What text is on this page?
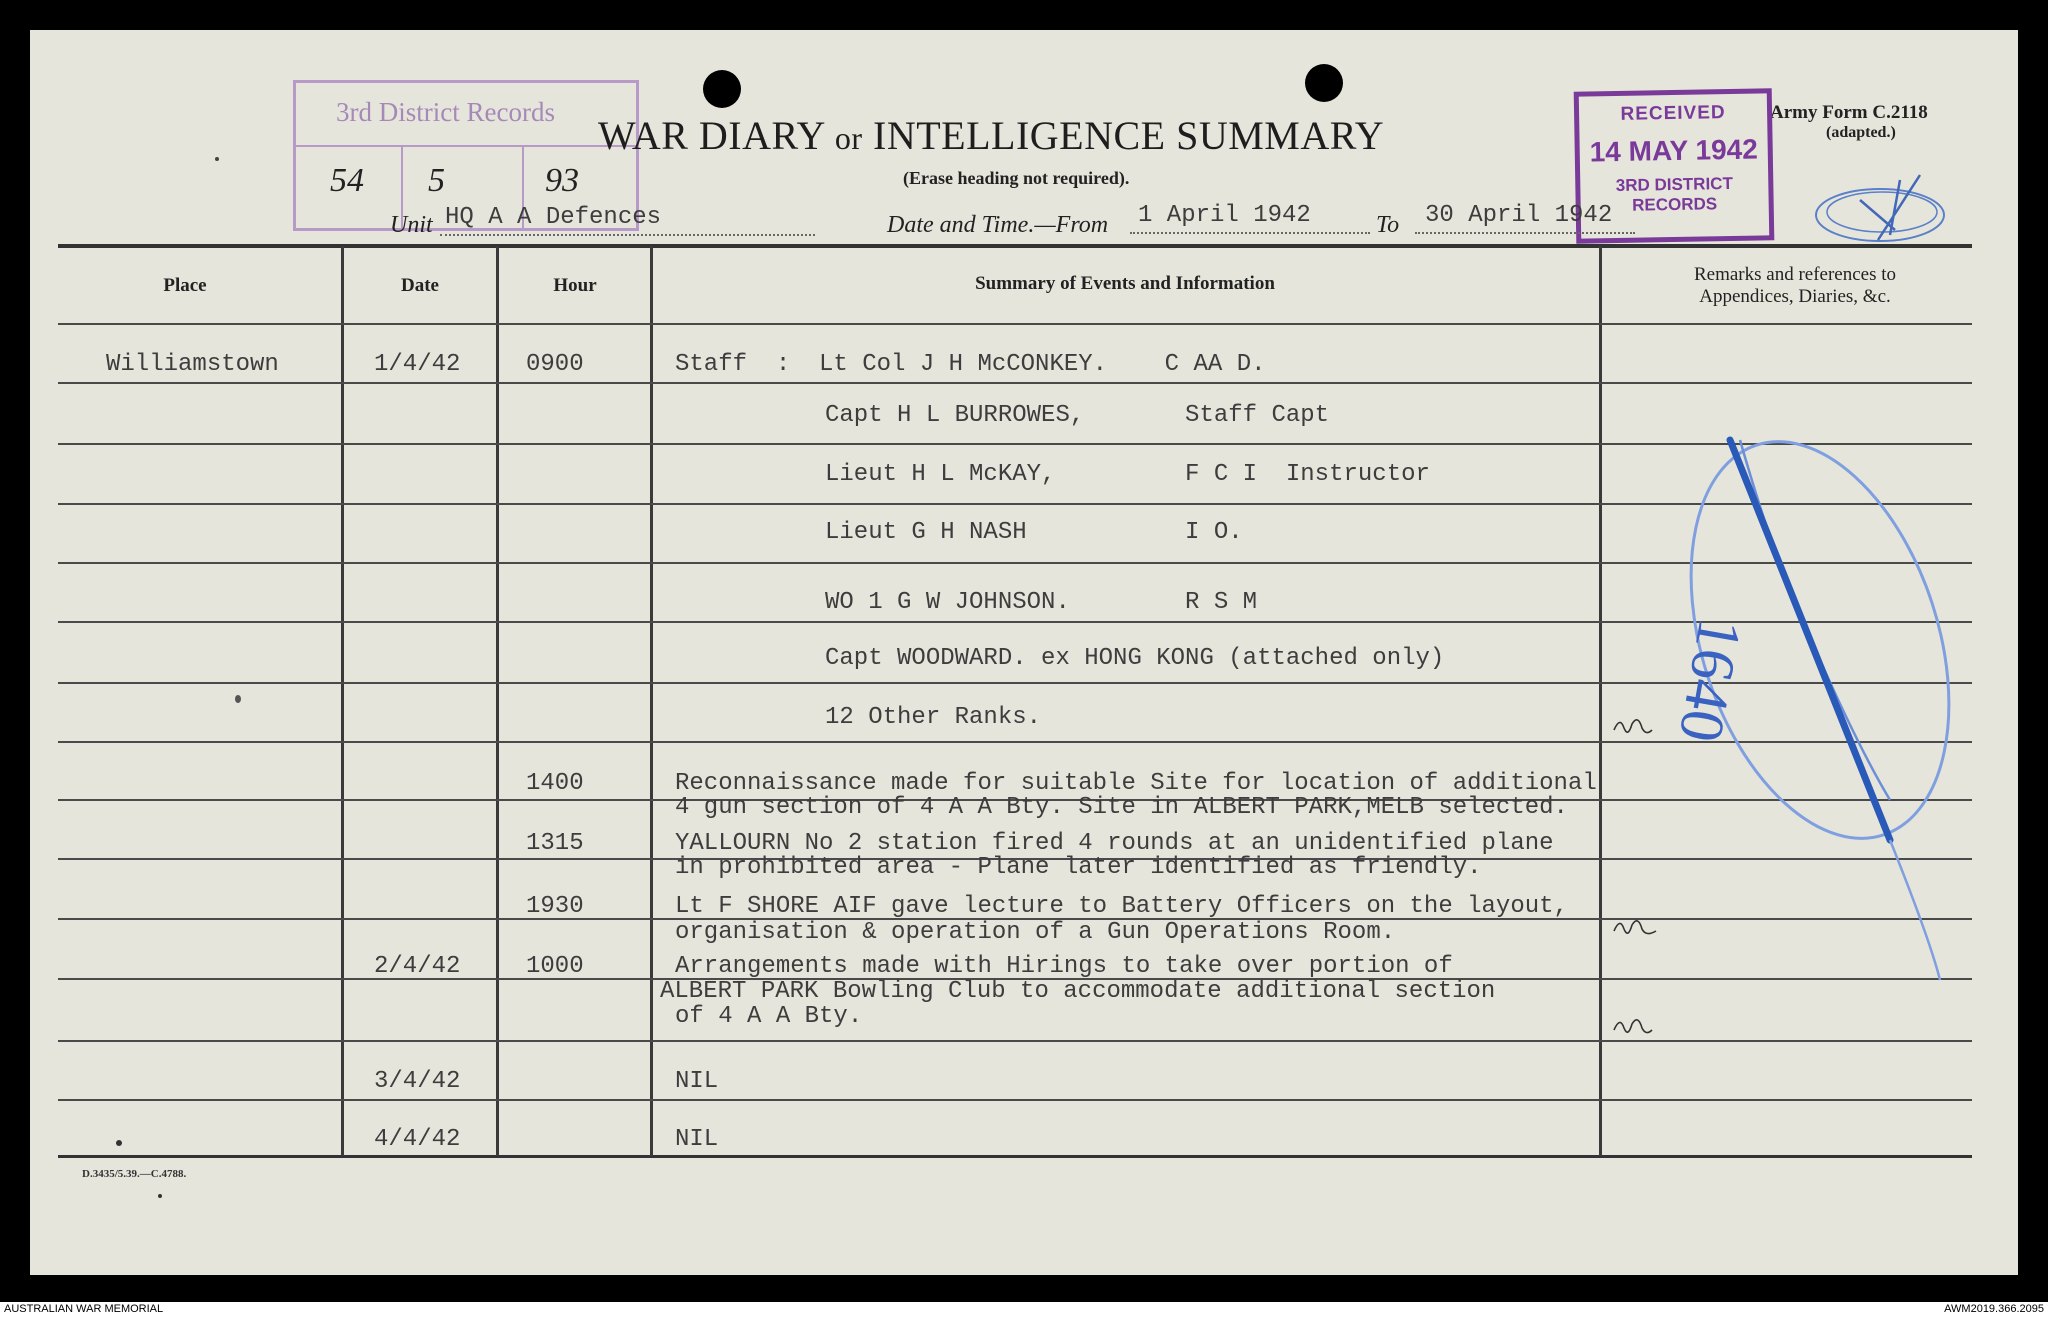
3rd District Records
54 5	93
WAR DIARY or INTELLIGENCE SUMMARY
(Erase heading not required).
Army Form C.2118
(adapted.)
RECEIVED
14 MAY 1942
3RD DISTRICT
RECORDS
Unit HQ A A Defences	Date and Time.—From 1 April 1942	To 30 April 1942
Place	Date	Hour	Summary of Events and Information	Remarks and references to Appendices, Diaries, &c.
Williamstown	1/4/42	0900	Staff  :  Lt Col J H McCONKEY.    C AA D.
Capt H L BURROWES,       Staff Capt
Lieut H L McKAY,         F C I  Instructor
Lieut G H NASH           I O.
WO 1 G W JOHNSON.        R S M
Capt WOODWARD. ex HONG KONG (attached only)
12 Other Ranks.
1400	Reconnaissance made for suitable Site for location of additional
4 gun section of 4 A A Bty. Site in ALBERT PARK,MELB selected.
1315	YALLOURN No 2 station fired 4 rounds at an unidentified plane
in prohibited area - Plane later identified as friendly.
1930	Lt F SHORE AIF gave lecture to Battery Officers on the layout,
organisation & operation of a Gun Operations Room.
2/4/42	1000	Arrangements made with Hirings to take over portion of
ALBERT PARK Bowling Club to accommodate additional section
of 4 A A Bty.
3/4/42	NIL
4/4/42	NIL
1640
D.3435/5.39.—C.4788.
AUSTRALIAN WAR MEMORIAL	AWM2019.366.2095
